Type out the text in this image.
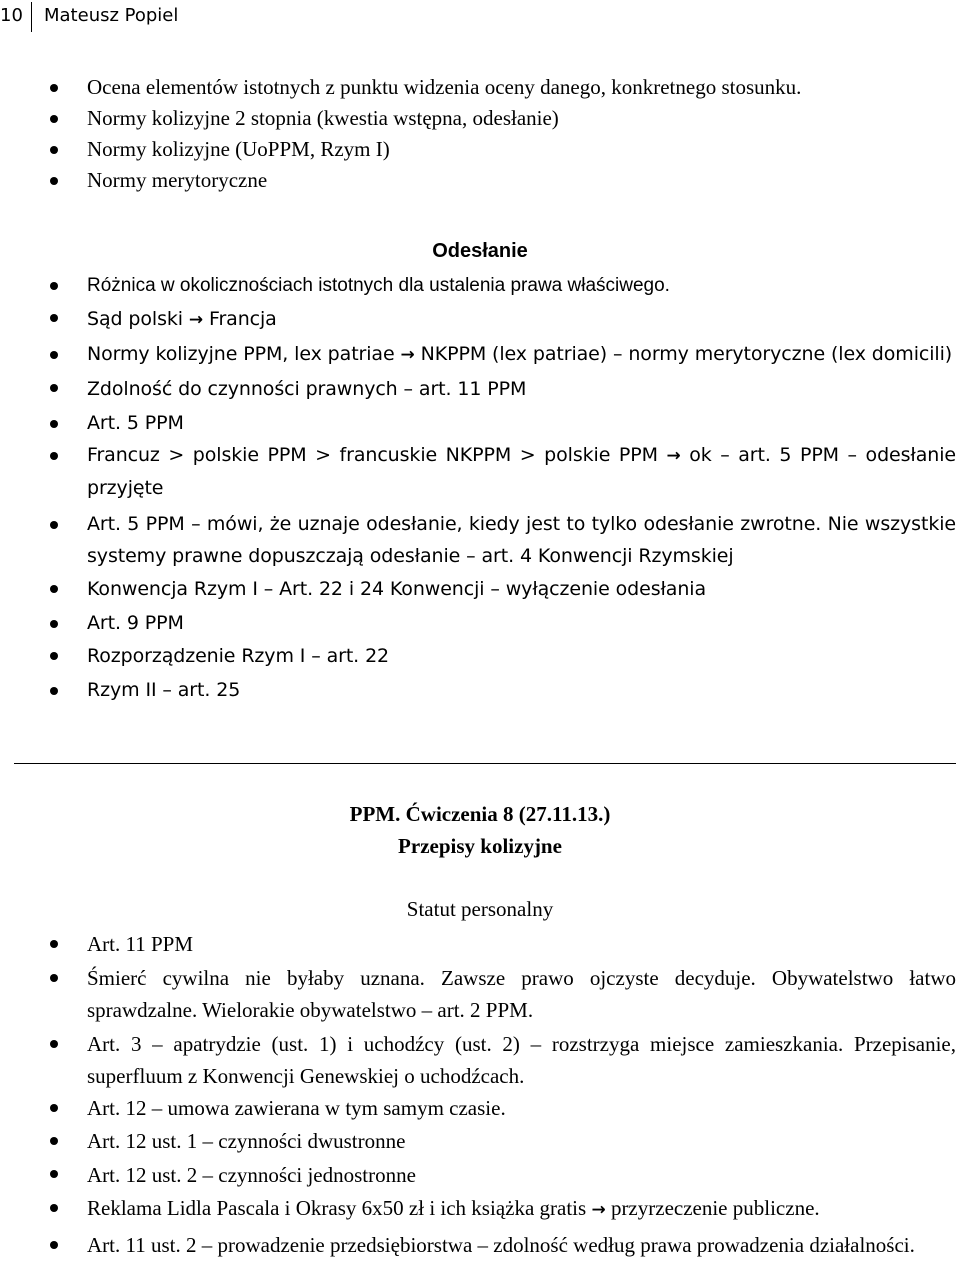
10 Mateusz Popiel
Ocena elementów istotnych z punktu widzenia oceny danego, konkretnego stosunku.
Normy kolizyjne 2 stopnia (kwestia wstępna, odesłanie)
Normy kolizyjne (UoPPM, Rzym I)
Normy merytoryczne
Odesłanie
Różnica w okolicznościach istotnych dla ustalenia prawa właściwego.
Sąd polski → Francja
Normy kolizyjne PPM, lex patriae → NKPPM (lex patriae) – normy merytoryczne (lex domicili)
Zdolność do czynności prawnych – art. 11 PPM
Art. 5 PPM
Francuz > polskie PPM > francuskie NKPPM > polskie PPM → ok – art. 5 PPM – odesłanie przyjęte
Art. 5 PPM – mówi, że uznaje odesłanie, kiedy jest to tylko odesłanie zwrotne. Nie wszystkie systemy prawne dopuszczają odesłanie – art. 4 Konwencji Rzymskiej
Konwencja Rzym I – Art. 22 i 24 Konwencji – wyłączenie odesłania
Art. 9 PPM
Rozporządzenie Rzym I – art. 22
Rzym II – art. 25
PPM. Ćwiczenia 8 (27.11.13.)
Przepisy kolizyjne
Statut personalny
Art. 11 PPM
Śmierć cywilna nie byłaby uznana. Zawsze prawo ojczyste decyduje. Obywatelstwo łatwo sprawdzalne. Wielorakie obywatelstwo – art. 2 PPM.
Art. 3 – apatrydzie (ust. 1) i uchodźcy (ust. 2) – rozstrzyga miejsce zamieszkania. Przepisanie, superfluum z Konwencji Genewskiej o uchodźcach.
Art. 12 – umowa zawierana w tym samym czasie.
Art. 12 ust. 1 – czynności dwustronne
Art. 12 ust. 2 – czynności jednostronne
Reklama Lidla Pascala i Okrasy 6x50 zł i ich książka gratis → przyrzeczenie publiczne.
Art. 11 ust. 2 – prowadzenie przedsiębiorstwa – zdolność według prawa prowadzenia działalności.
